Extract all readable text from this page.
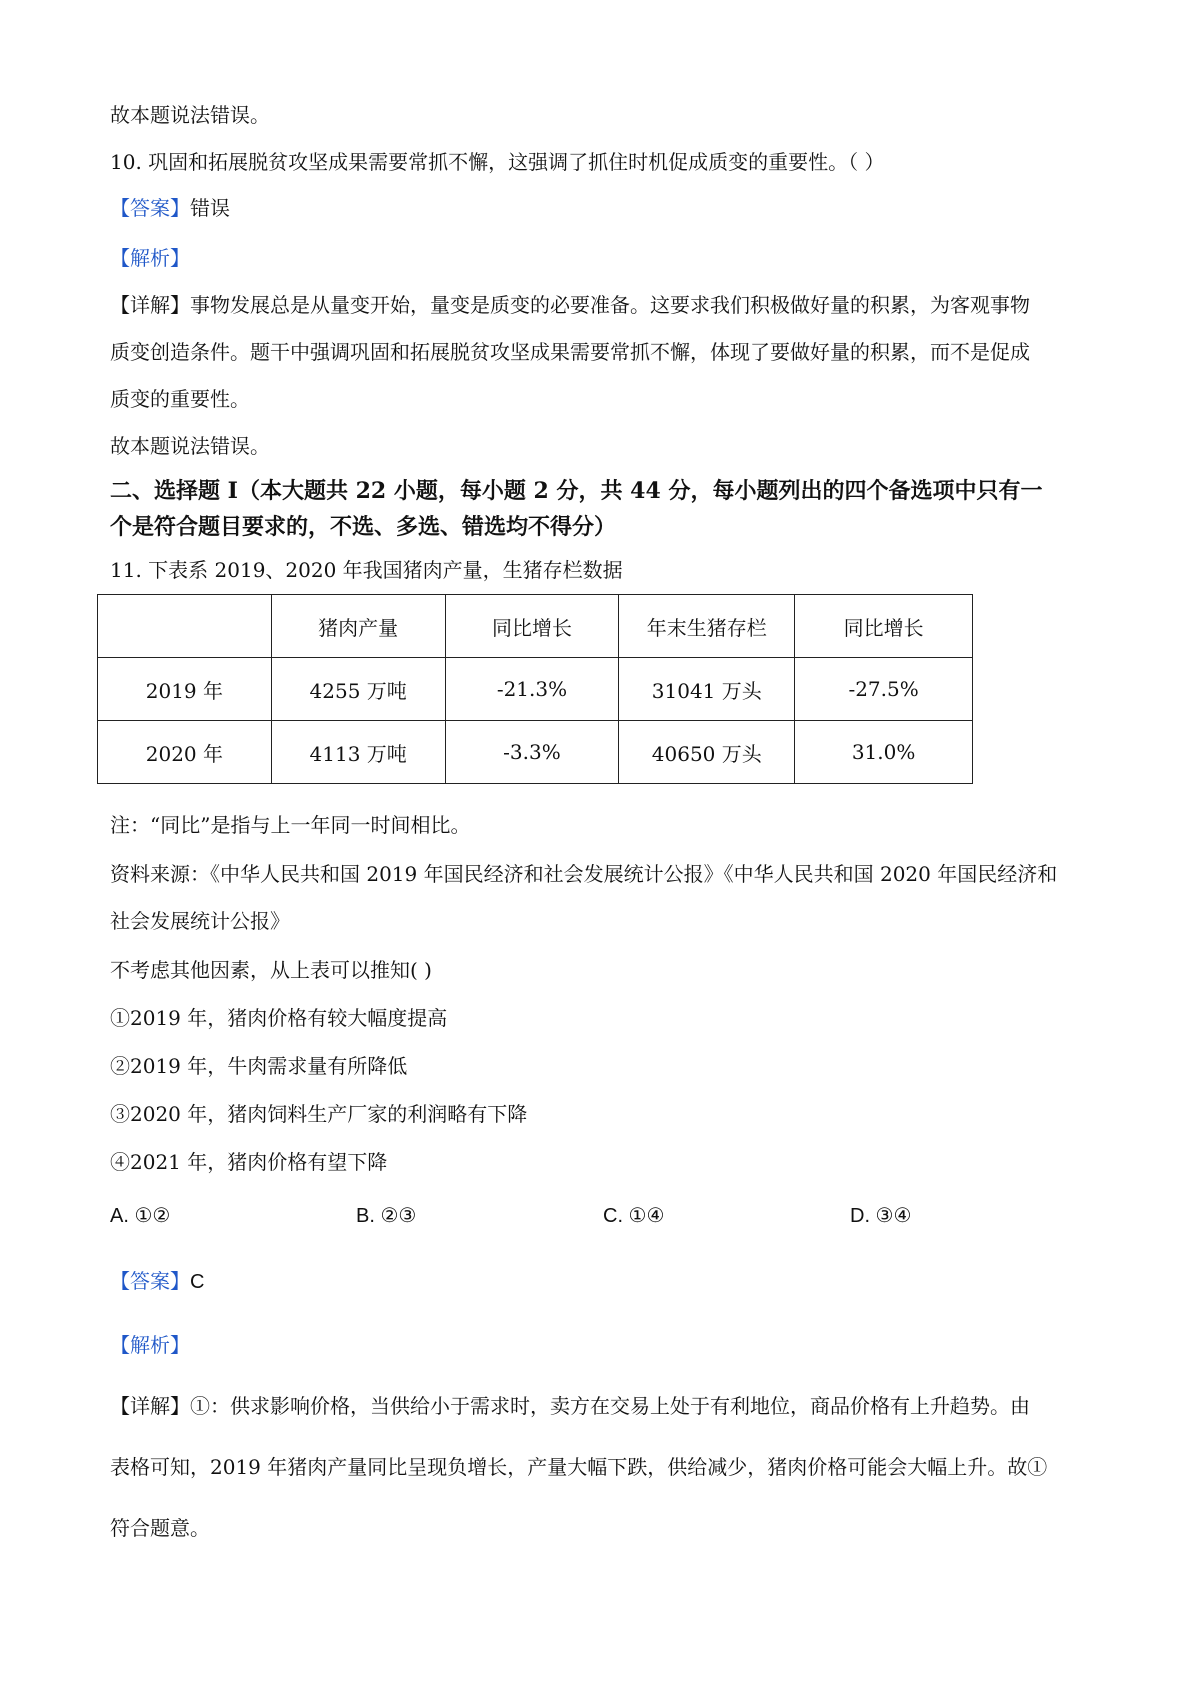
故本题说法错误。
10. 巩固和拓展脱贫攻坚成果需要常抓不懈，这强调了抓住时机促成质变的重要性。（ ）
【答案】错误
【解析】
【详解】事物发展总是从量变开始，量变是质变的必要准备。这要求我们积极做好量的积累，为客观事物
质变创造条件。题干中强调巩固和拓展脱贫攻坚成果需要常抓不懈，体现了要做好量的积累，而不是促成
质变的重要性。
故本题说法错误。
二、选择题 I（本大题共 22 小题，每小题 2 分，共 44 分，每小题列出的四个备选项中只有一
个是符合题目要求的，不选、多选、错选均不得分）
11. 下表系 2019、2020 年我国猪肉产量，生猪存栏数据
	猪肉产量	同比增长	年末生猪存栏	同比增长
2019 年	4255 万吨	-21.3%	31041 万头	-27.5%
2020 年	4113 万吨	-3.3%	40650 万头	31.0%
注：“同比”是指与上一年同一时间相比。
资料来源：《中华人民共和国 2019 年国民经济和社会发展统计公报》《中华人民共和国 2020 年国民经济和
社会发展统计公报》
不考虑其他因素，从上表可以推知( )
①2019 年，猪肉价格有较大幅度提高
②2019 年，牛肉需求量有所降低
③2020 年，猪肉饲料生产厂家的利润略有下降
④2021 年，猪肉价格有望下降
A. ①②	B. ②③	C. ①④	D. ③④
【答案】C
【解析】
【详解】①：供求影响价格，当供给小于需求时，卖方在交易上处于有利地位，商品价格有上升趋势。由
表格可知，2019 年猪肉产量同比呈现负增长，产量大幅下跌，供给减少，猪肉价格可能会大幅上升。故①
符合题意。
